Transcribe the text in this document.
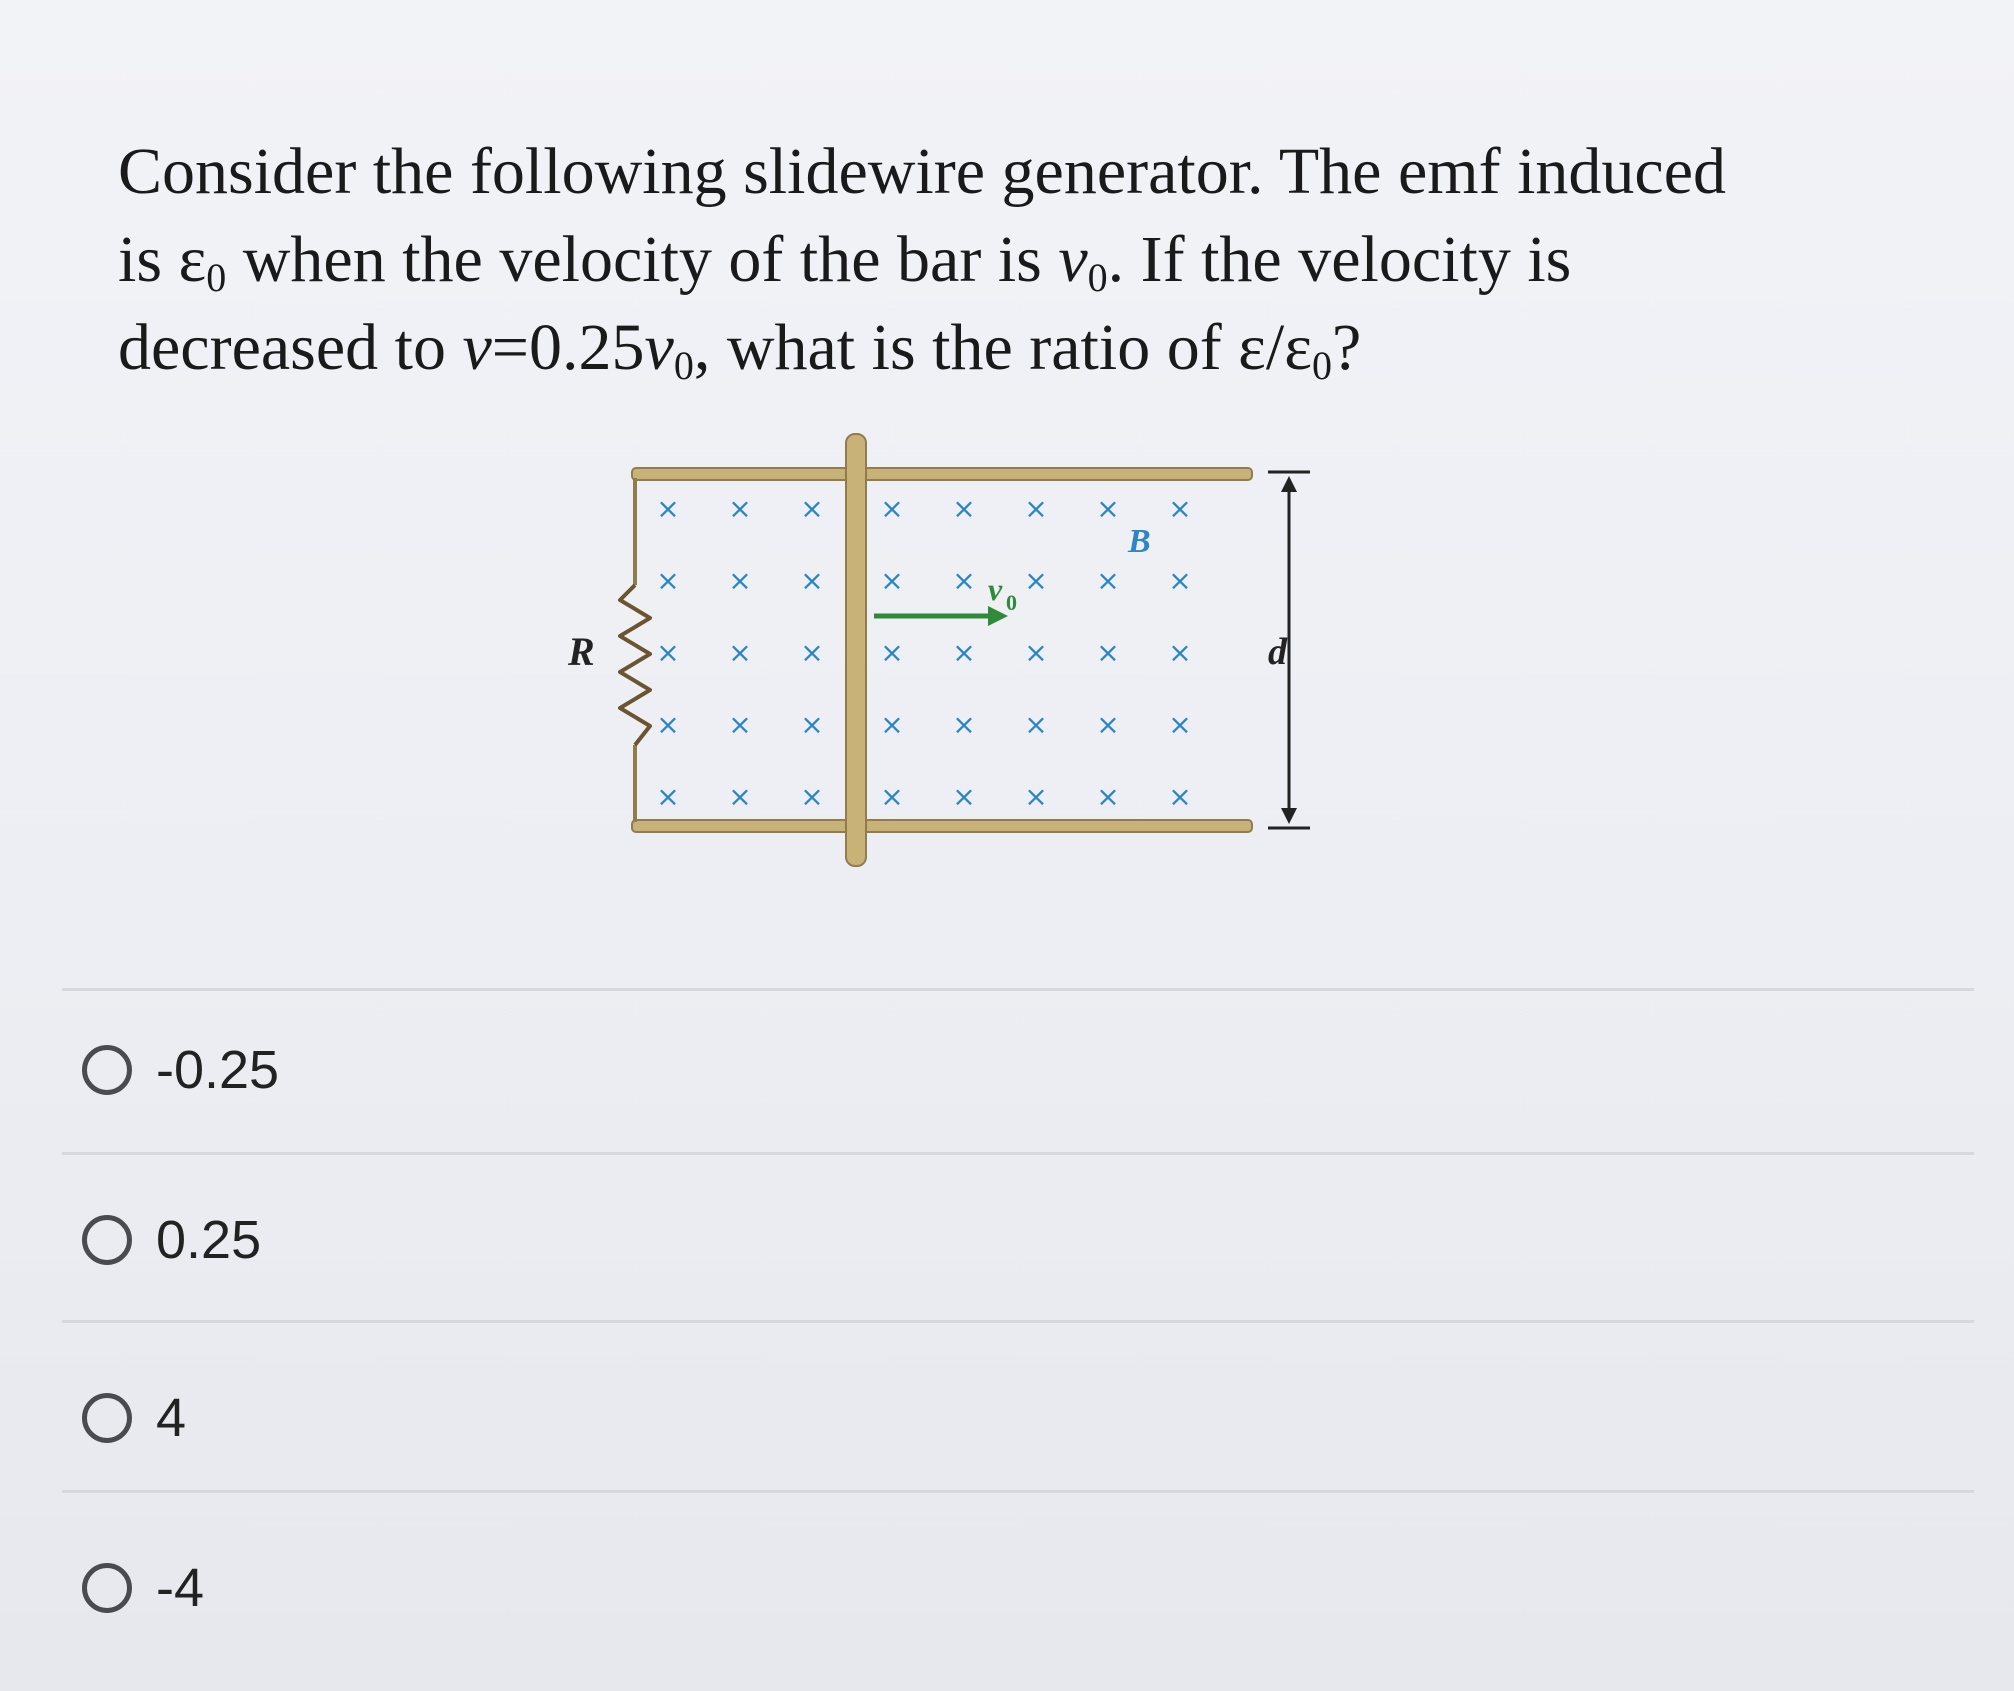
Consider the following slidewire generator. The emf induced
is $\varepsilon_0$ when the velocity of the bar is $v_0$. If the velocity is
decreased to $v=0.25v_0$, what is the ratio of $\varepsilon/\varepsilon_0$?
× × × × × × × ×
× × × × × × × ×
× × × × × × × ×
× × × × × × × ×
× × × × × × × ×
R
B
v 0
d
-0.25
0.25
4
-4
